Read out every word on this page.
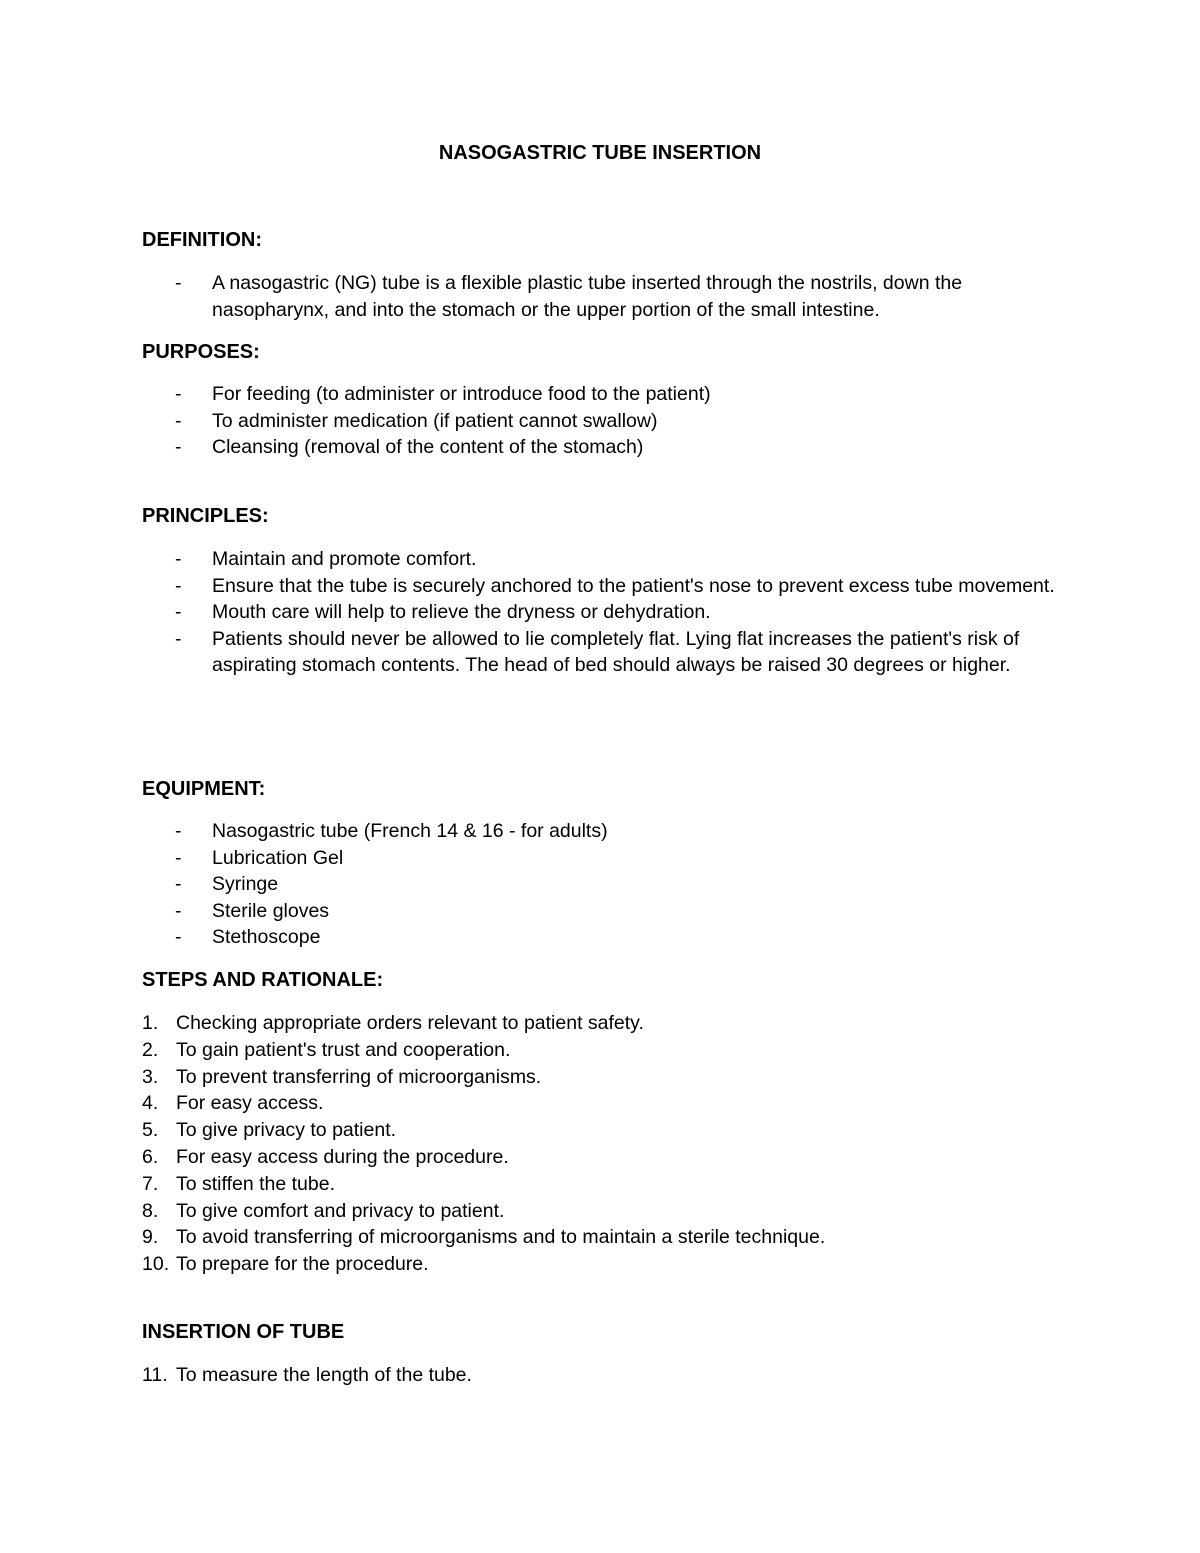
NASOGASTRIC TUBE INSERTION
DEFINITION:
- A nasogastric (NG) tube is a flexible plastic tube inserted through the nostrils, down the nasopharynx, and into the stomach or the upper portion of the small intestine.
PURPOSES:
- For feeding (to administer or introduce food to the patient)
- To administer medication (if patient cannot swallow)
- Cleansing (removal of the content of the stomach)
PRINCIPLES:
- Maintain and promote comfort.
- Ensure that the tube is securely anchored to the patient's nose to prevent excess tube movement.
- Mouth care will help to relieve the dryness or dehydration.
- Patients should never be allowed to lie completely flat. Lying flat increases the patient's risk of aspirating stomach contents. The head of bed should always be raised 30 degrees or higher.
EQUIPMENT:
- Nasogastric tube (French 14 & 16 - for adults)
- Lubrication Gel
- Syringe
- Sterile gloves
- Stethoscope
STEPS AND RATIONALE:
1. Checking appropriate orders relevant to patient safety.
2. To gain patient's trust and cooperation.
3. To prevent transferring of microorganisms.
4. For easy access.
5. To give privacy to patient.
6. For easy access during the procedure.
7. To stiffen the tube.
8. To give comfort and privacy to patient.
9. To avoid transferring of microorganisms and to maintain a sterile technique.
10. To prepare for the procedure.
INSERTION OF TUBE
11. To measure the length of the tube.
